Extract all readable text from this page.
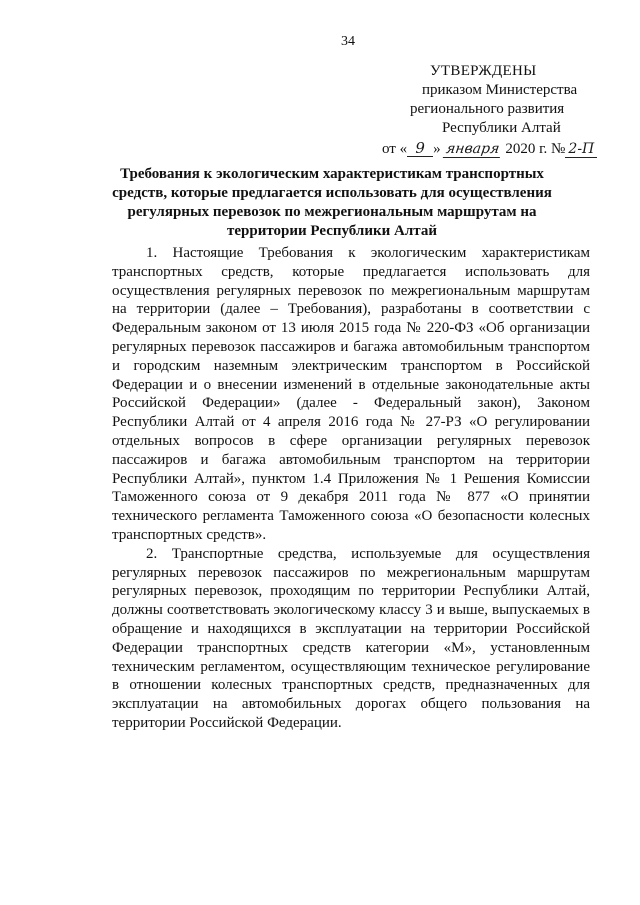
34
УТВЕРЖДЕНЫ
приказом Министерства
регионального развития
Республики Алтай
от « 9 » января 2020 г. № 2-П
Требования к экологическим характеристикам транспортных средств, которые предлагается использовать для осуществления регулярных перевозок по межрегиональным маршрутам на территории Республики Алтай

1. Настоящие Требования к экологическим характеристикам транспортных средств, которые предлагается использовать для осуществления регулярных перевозок по межрегиональным маршрутам на территории (далее – Требования), разработаны в соответствии с Федеральным законом от 13 июля 2015 года № 220-ФЗ «Об организации регулярных перевозок пассажиров и багажа автомобильным транспортом и городским наземным электрическим транспортом в Российской Федерации и о внесении изменений в отдельные законодательные акты Российской Федерации» (далее - Федеральный закон), Законом Республики Алтай от 4 апреля 2016 года № 27-РЗ «О регулировании отдельных вопросов в сфере организации регулярных перевозок пассажиров и багажа автомобильным транспортом на территории Республики Алтай», пунктом 1.4 Приложения № 1 Решения Комиссии Таможенного союза от 9 декабря 2011 года № 877 «О принятии технического регламента Таможенного союза «О безопасности колесных транспортных средств».

2. Транспортные средства, используемые для осуществления регулярных перевозок пассажиров по межрегиональным маршрутам регулярных перевозок, проходящим по территории Республики Алтай, должны соответствовать экологическому классу 3 и выше, выпускаемых в обращение и находящихся в эксплуатации на территории Российской Федерации транспортных средств категории «М», установленным техническим регламентом, осуществляющим техническое регулирование в отношении колесных транспортных средств, предназначенных для эксплуатации на автомобильных дорогах общего пользования на территории Российской Федерации.
